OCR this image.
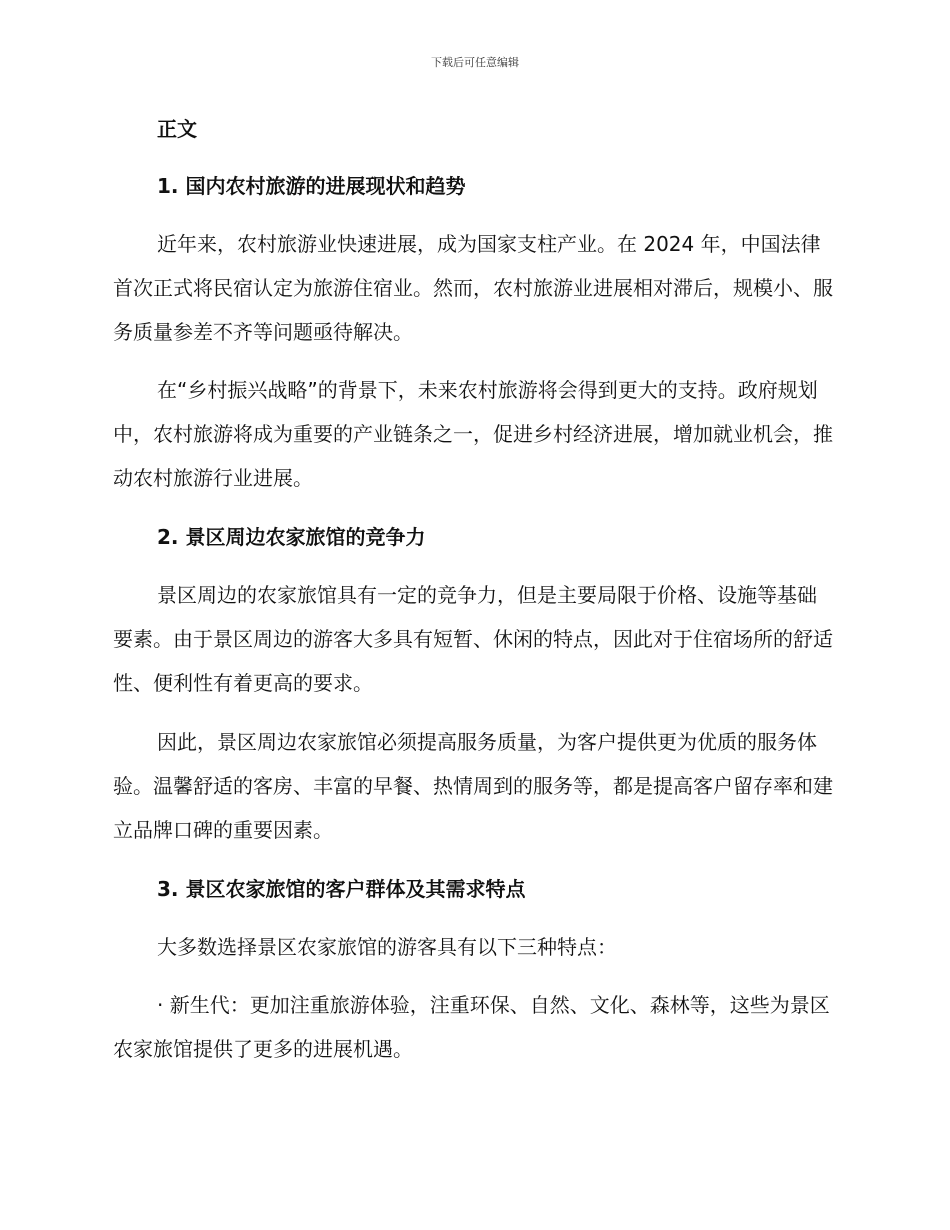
下载后可任意编辑
正文
1. 国内农村旅游的进展现状和趋势

近年来，农村旅游业快速进展，成为国家支柱产业。在 2024 年，中国法律首次正式将民宿认定为旅游住宿业。然而，农村旅游业进展相对滞后，规模小、服务质量参差不齐等问题亟待解决。

在“乡村振兴战略”的背景下，未来农村旅游将会得到更大的支持。政府规划中，农村旅游将成为重要的产业链条之一，促进乡村经济进展，增加就业机会，推动农村旅游行业进展。

2. 景区周边农家旅馆的竞争力

景区周边的农家旅馆具有一定的竞争力，但是主要局限于价格、设施等基础要素。由于景区周边的游客大多具有短暂、休闲的特点，因此对于住宿场所的舒适性、便利性有着更高的要求。

因此，景区周边农家旅馆必须提高服务质量，为客户提供更为优质的服务体验。温馨舒适的客房、丰富的早餐、热情周到的服务等，都是提高客户留存率和建立品牌口碑的重要因素。

3. 景区农家旅馆的客户群体及其需求特点

大多数选择景区农家旅馆的游客具有以下三种特点：

· 新生代：更加注重旅游体验，注重环保、自然、文化、森林等，这些为景区农家旅馆提供了更多的进展机遇。
